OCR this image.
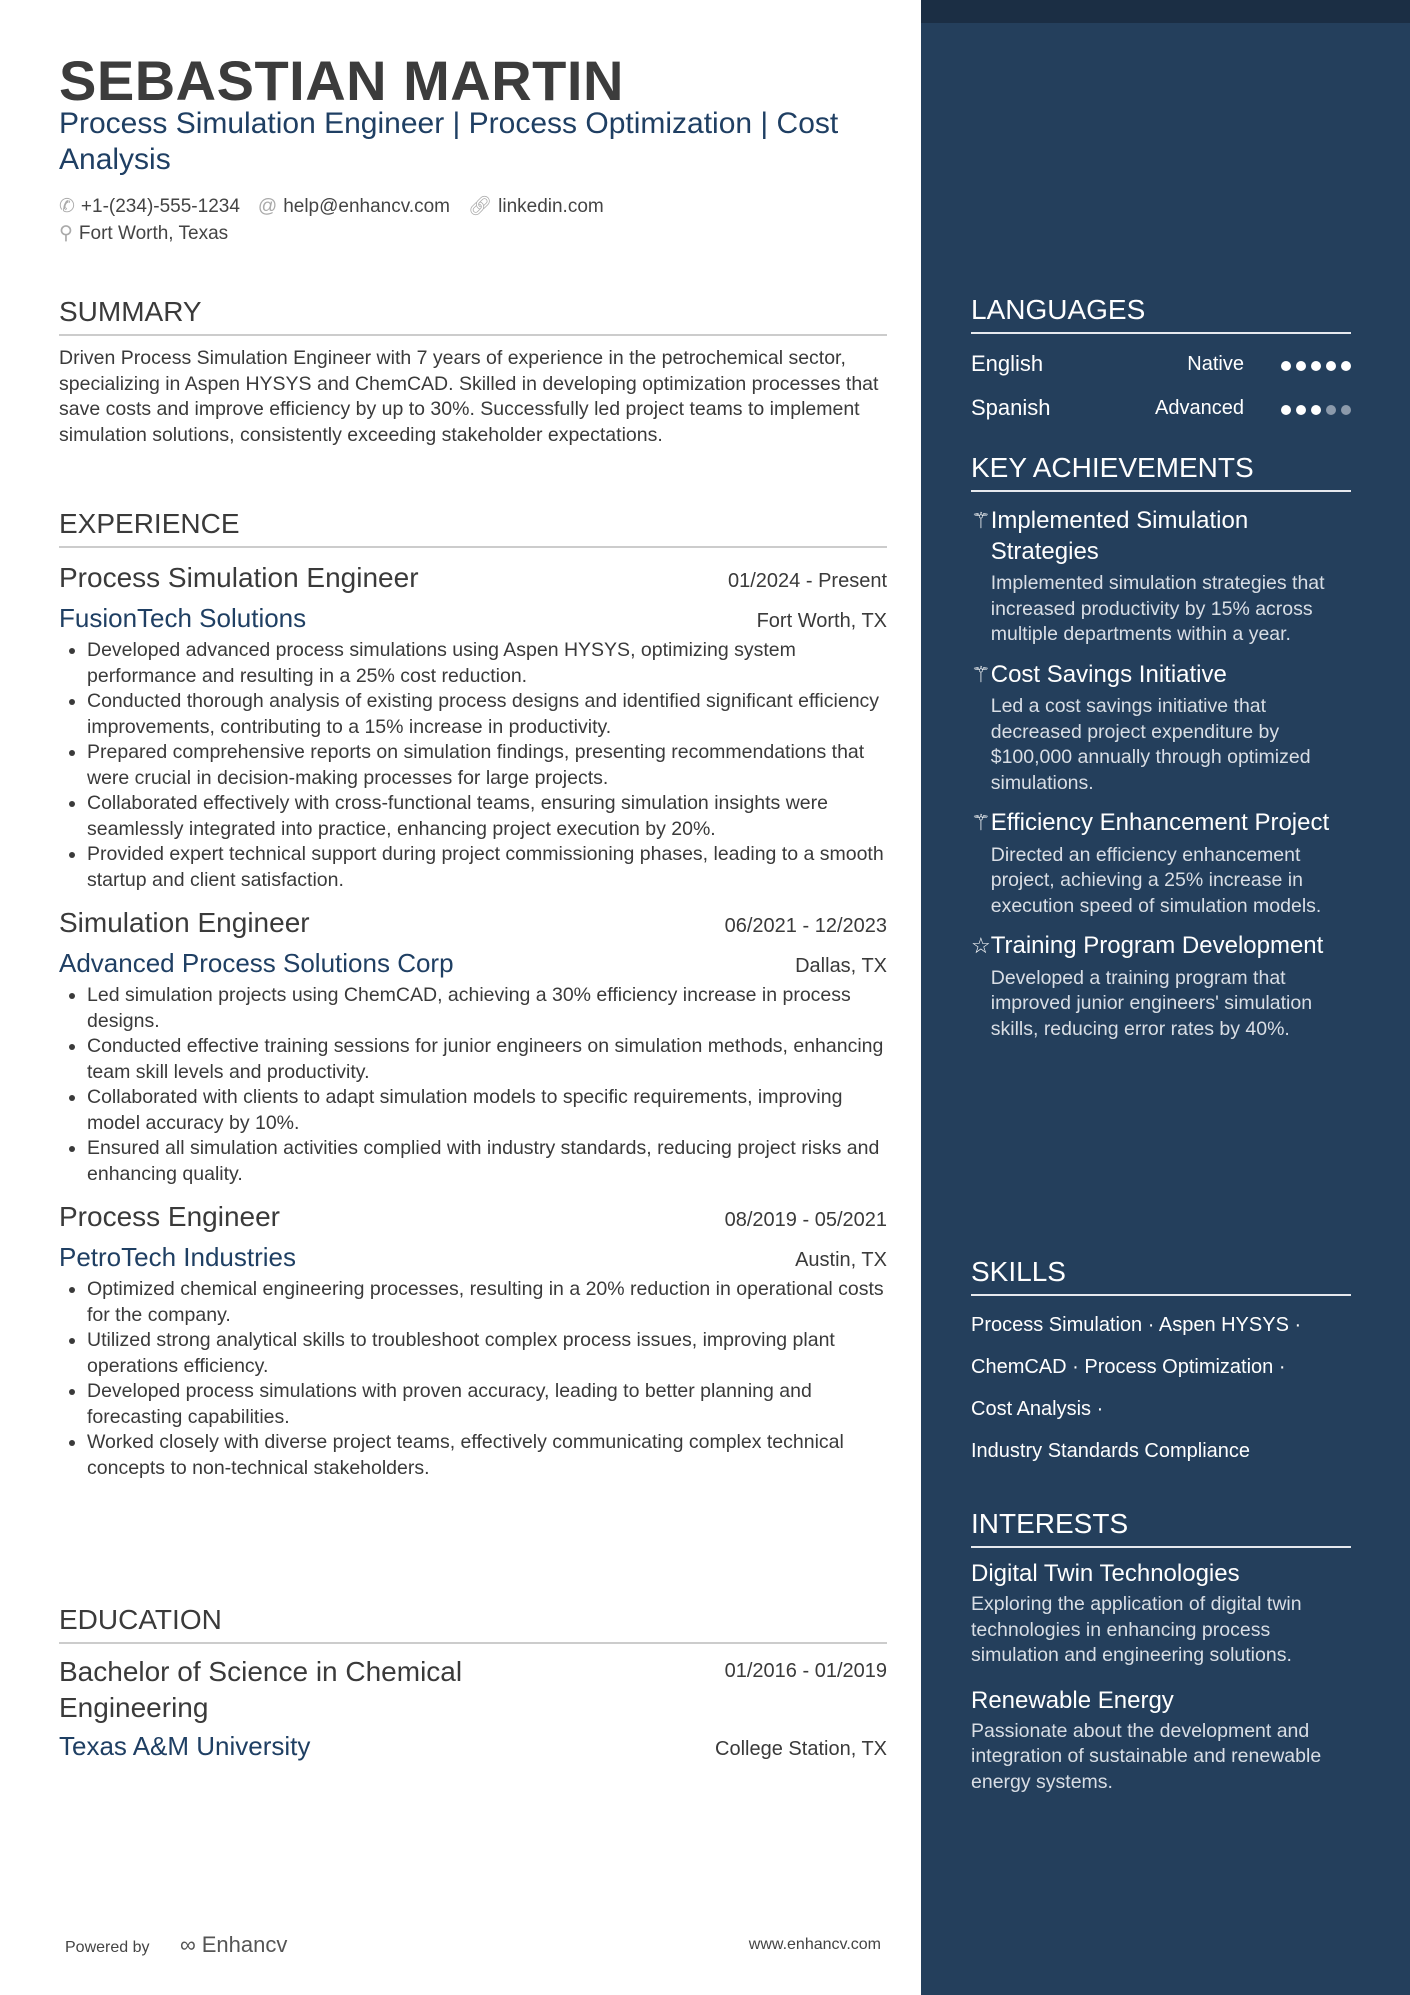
SEBASTIAN MARTIN
Process Simulation Engineer | Process Optimization | Cost Analysis
✆ +1-(234)-555-1234 @ help@enhancv.com 🔗︎ linkedin.com
⚲ Fort Worth, Texas
SUMMARY

Driven Process Simulation Engineer with 7 years of experience in the petrochemical sector, specializing in Aspen HYSYS and ChemCAD. Skilled in developing optimization processes that save costs and improve efficiency by up to 30%. Successfully led project teams to implement simulation solutions, consistently exceeding stakeholder expectations.

EXPERIENCE
Process Simulation Engineer	01/2024 - Present
FusionTech Solutions	Fort Worth, TX
• Developed advanced process simulations using Aspen HYSYS, optimizing system performance and resulting in a 25% cost reduction.
• Conducted thorough analysis of existing process designs and identified significant efficiency improvements, contributing to a 15% increase in productivity.
• Prepared comprehensive reports on simulation findings, presenting recommendations that were crucial in decision-making processes for large projects.
• Collaborated effectively with cross-functional teams, ensuring simulation insights were seamlessly integrated into practice, enhancing project execution by 20%.
• Provided expert technical support during project commissioning phases, leading to a smooth startup and client satisfaction.
Simulation Engineer	06/2021 - 12/2023
Advanced Process Solutions Corp	Dallas, TX
• Led simulation projects using ChemCAD, achieving a 30% efficiency increase in process designs.
• Conducted effective training sessions for junior engineers on simulation methods, enhancing team skill levels and productivity.
• Collaborated with clients to adapt simulation models to specific requirements, improving model accuracy by 10%.
• Ensured all simulation activities complied with industry standards, reducing project risks and enhancing quality.
Process Engineer	08/2019 - 05/2021
PetroTech Industries	Austin, TX
• Optimized chemical engineering processes, resulting in a 20% reduction in operational costs for the company.
• Utilized strong analytical skills to troubleshoot complex process issues, improving plant operations efficiency.
• Developed process simulations with proven accuracy, leading to better planning and forecasting capabilities.
• Worked closely with diverse project teams, effectively communicating complex technical concepts to non-technical stakeholders.
EDUCATION
Bachelor of Science in Chemical Engineering
01/2016 - 01/2019
Texas A&M University	College Station, TX
Powered by ∞ Enhancv	www.enhancv.com
LANGUAGES
English	Native
Spanish	Advanced
KEY ACHIEVEMENTS
⚚ Implemented Simulation Strategies
Implemented simulation strategies that increased productivity by 15% across multiple departments within a year.
⚚ Cost Savings Initiative
Led a cost savings initiative that decreased project expenditure by $100,000 annually through optimized simulations.
⚚ Efficiency Enhancement Project
Directed an efficiency enhancement project, achieving a 25% increase in execution speed of simulation models.
☆ Training Program Development
Developed a training program that improved junior engineers' simulation skills, reducing error rates by 40%.
SKILLS
Process Simulation · Aspen HYSYS ·
ChemCAD · Process Optimization ·
Cost Analysis ·
Industry Standards Compliance
INTERESTS
Digital Twin Technologies

Exploring the application of digital twin technologies in enhancing process simulation and engineering solutions.

Renewable Energy

Passionate about the development and integration of sustainable and renewable energy systems.
